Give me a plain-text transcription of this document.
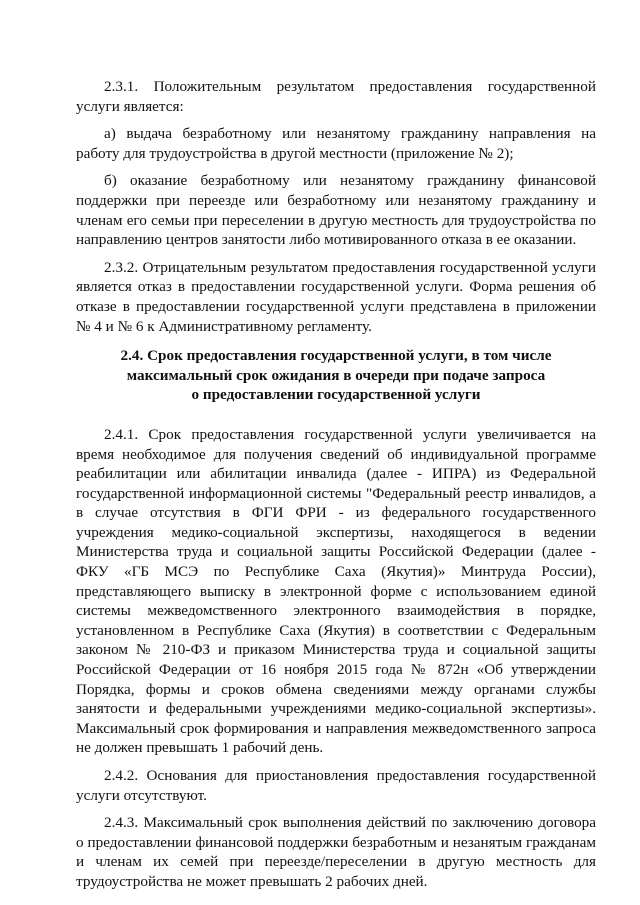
2.3.1. Положительным результатом предоставления государственной услуги является:

а) выдача безработному или незанятому гражданину направления на работу для трудоустройства в другой местности (приложение № 2);

б) оказание безработному или незанятому гражданину финансовой поддержки при переезде или безработному или незанятому гражданину и членам его семьи при переселении в другую местность для трудоустройства по направлению центров занятости либо мотивированного отказа в ее оказании.

2.3.2. Отрицательным результатом предоставления государственной услуги является отказ в предоставлении государственной услуги. Форма решения об отказе в предоставлении государственной услуги представлена в приложении № 4 и № 6 к Административному регламенту.

2.4. Срок предоставления государственной услуги, в том числе
максимальный срок ожидания в очереди при подаче запроса
о предоставлении государственной услуги

2.4.1. Срок предоставления государственной услуги увеличивается на время необходимое для получения сведений об индивидуальной программе реабилитации или абилитации инвалида (далее - ИПРА) из Федеральной государственной информационной системы "Федеральный реестр инвалидов, а в случае отсутствия в ФГИ ФРИ - из федерального государственного учреждения медико-социальной экспертизы, находящегося в ведении Министерства труда и социальной защиты Российской Федерации (далее - ФКУ «ГБ МСЭ по Республике Саха (Якутия)» Минтруда России), представляющего выписку в электронной форме с использованием единой системы межведомственного электронного взаимодействия в порядке, установленном в Республике Саха (Якутия) в соответствии с Федеральным законом № 210-ФЗ и приказом Министерства труда и социальной защиты Российской Федерации от 16 ноября 2015 года № 872н «Об утверждении Порядка, формы и сроков обмена сведениями между органами службы занятости и федеральными учреждениями медико-социальной экспертизы». Максимальный срок формирования и направления межведомственного запроса не должен превышать 1 рабочий день.

2.4.2. Основания для приостановления предоставления государственной услуги отсутствуют.

2.4.3. Максимальный срок выполнения действий по заключению договора о предоставлении финансовой поддержки безработным и незанятым гражданам и членам их семей при переезде/переселении в другую местность для трудоустройства не может превышать 2 рабочих дней.
